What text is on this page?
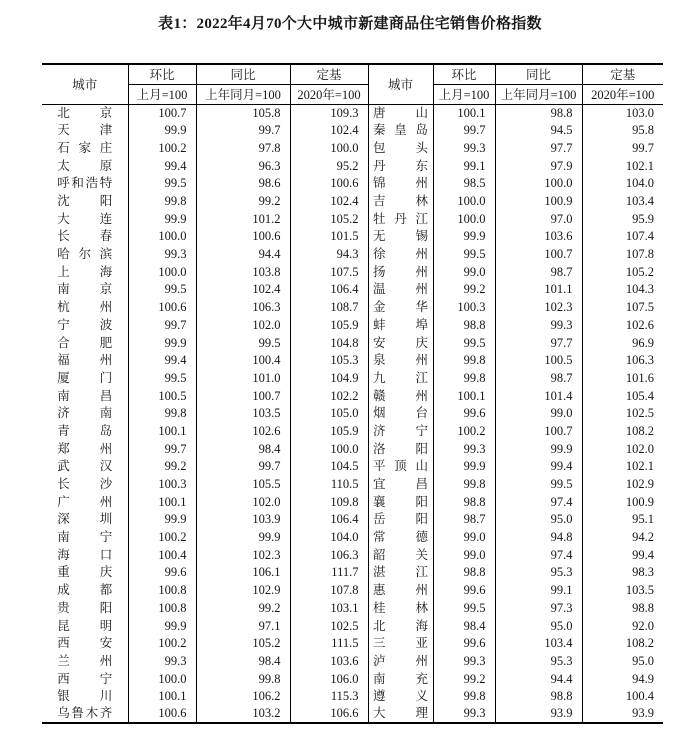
表1：2022年4月70个大中城市新建商品住宅销售价格指数
城市	环比	同比	定基	城市	环比	同比	定基
	上月=100	上年同月=100	2020年=100		上月=100	上年同月=100	2020年=100

北 京	100.7	105.8	109.3	唐 山	100.1	98.8	103.0

天 津	99.9	99.7	102.4	秦 皇 岛	99.7	94.5	95.8

石 家 庄	100.2	97.8	100.0	包 头	99.3	97.7	99.7

太 原	99.4	96.3	95.2	丹 东	99.1	97.9	102.1

呼 和 浩 特	99.5	98.6	100.6	锦 州	98.5	100.0	104.0

沈 阳	99.8	99.2	102.4	吉 林	100.0	100.9	103.4

大 连	99.9	101.2	105.2	牡 丹 江	100.0	97.0	95.9

长 春	100.0	100.6	101.5	无 锡	99.9	103.6	107.4

哈 尔 滨	99.3	94.4	94.3	徐 州	99.5	100.7	107.8

上 海	100.0	103.8	107.5	扬 州	99.0	98.7	105.2

南 京	99.5	102.4	106.4	温 州	99.2	101.1	104.3

杭 州	100.6	106.3	108.7	金 华	100.3	102.3	107.5

宁 波	99.7	102.0	105.9	蚌 埠	98.8	99.3	102.6

合 肥	99.9	99.5	104.8	安 庆	99.5	97.7	96.9

福 州	99.4	100.4	105.3	泉 州	99.8	100.5	106.3

厦 门	99.5	101.0	104.9	九 江	99.8	98.7	101.6

南 昌	100.5	100.7	102.2	赣 州	100.1	101.4	105.4

济 南	99.8	103.5	105.0	烟 台	99.6	99.0	102.5

青 岛	100.1	102.6	105.9	济 宁	100.2	100.7	108.2

郑 州	99.7	98.4	100.0	洛 阳	99.3	99.9	102.0

武 汉	99.2	99.7	104.5	平 顶 山	99.9	99.4	102.1

长 沙	100.3	105.5	110.5	宜 昌	99.8	99.5	102.9

广 州	100.1	102.0	109.8	襄 阳	98.8	97.4	100.9

深 圳	99.9	103.9	106.4	岳 阳	98.7	95.0	95.1

南 宁	100.2	99.9	104.0	常 德	99.0	94.8	94.2

海 口	100.4	102.3	106.3	韶 关	99.0	97.4	99.4

重 庆	99.6	106.1	111.7	湛 江	98.8	95.3	98.3

成 都	100.8	102.9	107.8	惠 州	99.6	99.1	103.5

贵 阳	100.8	99.2	103.1	桂 林	99.5	97.3	98.8

昆 明	99.9	97.1	102.5	北 海	98.4	95.0	92.0

西 安	100.2	105.2	111.5	三 亚	99.6	103.4	108.2

兰 州	99.3	98.4	103.6	泸 州	99.3	95.3	95.0

西 宁	100.0	99.8	106.0	南 充	99.2	94.4	94.9

银 川	100.1	106.2	115.3	遵 义	99.8	98.8	100.4

乌 鲁 木 齐	100.6	103.2	106.6	大 理	99.3	93.9	93.9
